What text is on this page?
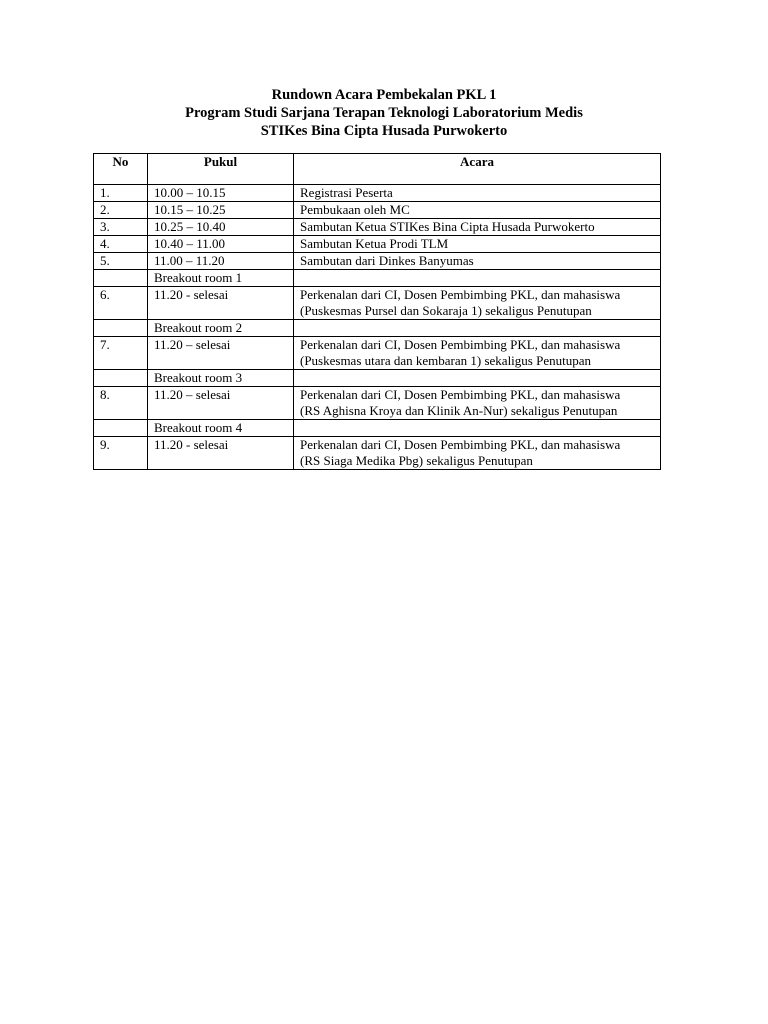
Rundown Acara Pembekalan PKL 1
Program Studi Sarjana Terapan Teknologi Laboratorium Medis
STIKes Bina Cipta Husada Purwokerto
No	Pukul	Acara
1.	10.00 – 10.15	Registrasi Peserta

2.	10.15 – 10.25	Pembukaan oleh MC

3.	10.25 – 10.40	Sambutan Ketua STIKes Bina Cipta Husada Purwokerto

4.	10.40 – 11.00	Sambutan Ketua Prodi TLM

5.	11.00 – 11.20	Sambutan dari Dinkes Banyumas

	Breakout room 1	

6.	11.20 - selesai	Perkenalan dari CI, Dosen Pembimbing PKL, dan mahasiswa
(Puskesmas Pursel dan Sokaraja 1) sekaligus Penutupan

	Breakout room 2	

7.	11.20 – selesai	Perkenalan dari CI, Dosen Pembimbing PKL, dan mahasiswa
(Puskesmas utara dan kembaran 1) sekaligus Penutupan

	Breakout room 3	

8.	11.20 – selesai	Perkenalan dari CI, Dosen Pembimbing PKL, dan mahasiswa
(RS Aghisna Kroya dan Klinik An-Nur) sekaligus Penutupan

	Breakout room 4	

9.	11.20 - selesai	Perkenalan dari CI, Dosen Pembimbing PKL, dan mahasiswa
(RS Siaga Medika Pbg) sekaligus Penutupan
